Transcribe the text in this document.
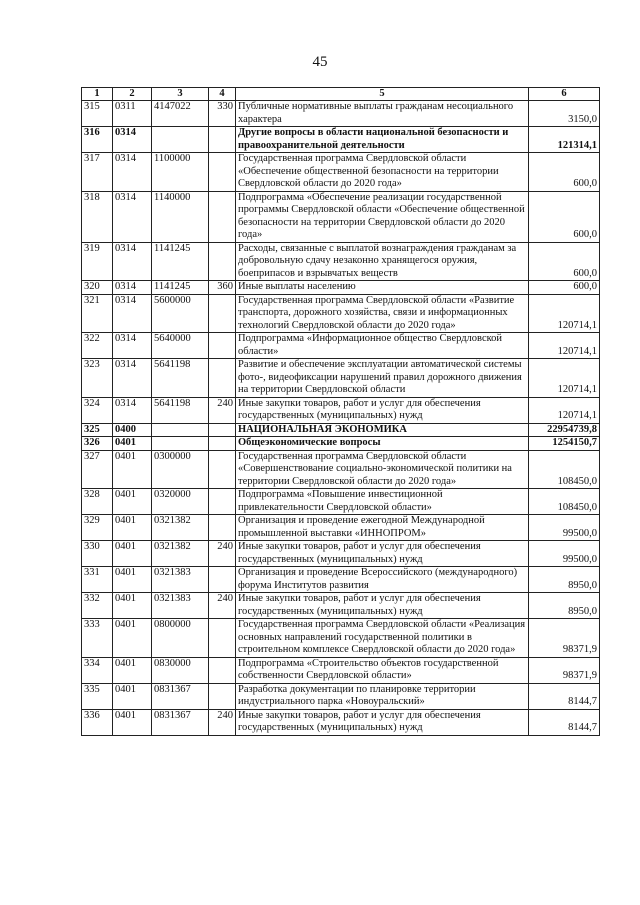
45
1	2	3	4	5	6
315	0311	4147022	330	Публичные нормативные выплаты гражданам несоциального характера	3150,0
316	0314			Другие вопросы в области национальной безопасности и правоохранительной деятельности	121314,1
317	0314	1100000		Государственная программа Свердловской области «Обеспечение общественной безопасности на территории Свердловской области до 2020 года»	600,0
318	0314	1140000		Подпрограмма «Обеспечение реализации государственной программы Свердловской области «Обеспечение общественной безопасности на территории Свердловской области до 2020 года»	600,0
319	0314	1141245		Расходы, связанные с выплатой вознаграждения гражданам за добровольную сдачу незаконно хранящегося оружия, боеприпасов и взрывчатых веществ	600,0
320	0314	1141245	360	Иные выплаты населению	600,0
321	0314	5600000		Государственная программа Свердловской области «Развитие транспорта, дорожного хозяйства, связи и информационных технологий Свердловской области до 2020 года»	120714,1
322	0314	5640000		Подпрограмма «Информационное общество Свердловской области»	120714,1
323	0314	5641198		Развитие и обеспечение эксплуатации автоматической системы фото-, видеофиксации нарушений правил дорожного движения на территории Свердловской области	120714,1
324	0314	5641198	240	Иные закупки товаров, работ и услуг для обеспечения государственных (муниципальных) нужд	120714,1
325	0400			НАЦИОНАЛЬНАЯ ЭКОНОМИКА	22954739,8
326	0401			Общеэкономические вопросы	1254150,7
327	0401	0300000		Государственная программа Свердловской области «Совершенствование социально-экономической политики на территории Свердловской области до 2020 года»	108450,0
328	0401	0320000		Подпрограмма «Повышение инвестиционной привлекательности Свердловской области»	108450,0
329	0401	0321382		Организация и проведение ежегодной Международной промышленной выставки «ИННОПРОМ»	99500,0
330	0401	0321382	240	Иные закупки товаров, работ и услуг для обеспечения государственных (муниципальных) нужд	99500,0
331	0401	0321383		Организация и проведение Всероссийского (международного) форума Институтов развития	8950,0
332	0401	0321383	240	Иные закупки товаров, работ и услуг для обеспечения государственных (муниципальных) нужд	8950,0
333	0401	0800000		Государственная программа Свердловской области «Реализация основных направлений государственной политики в строительном комплексе Свердловской области до 2020 года»	98371,9
334	0401	0830000		Подпрограмма «Строительство объектов государственной собственности Свердловской области»	98371,9
335	0401	0831367		Разработка документации по планировке территории индустриального парка «Новоуральский»	8144,7
336	0401	0831367	240	Иные закупки товаров, работ и услуг для обеспечения государственных (муниципальных) нужд	8144,7
